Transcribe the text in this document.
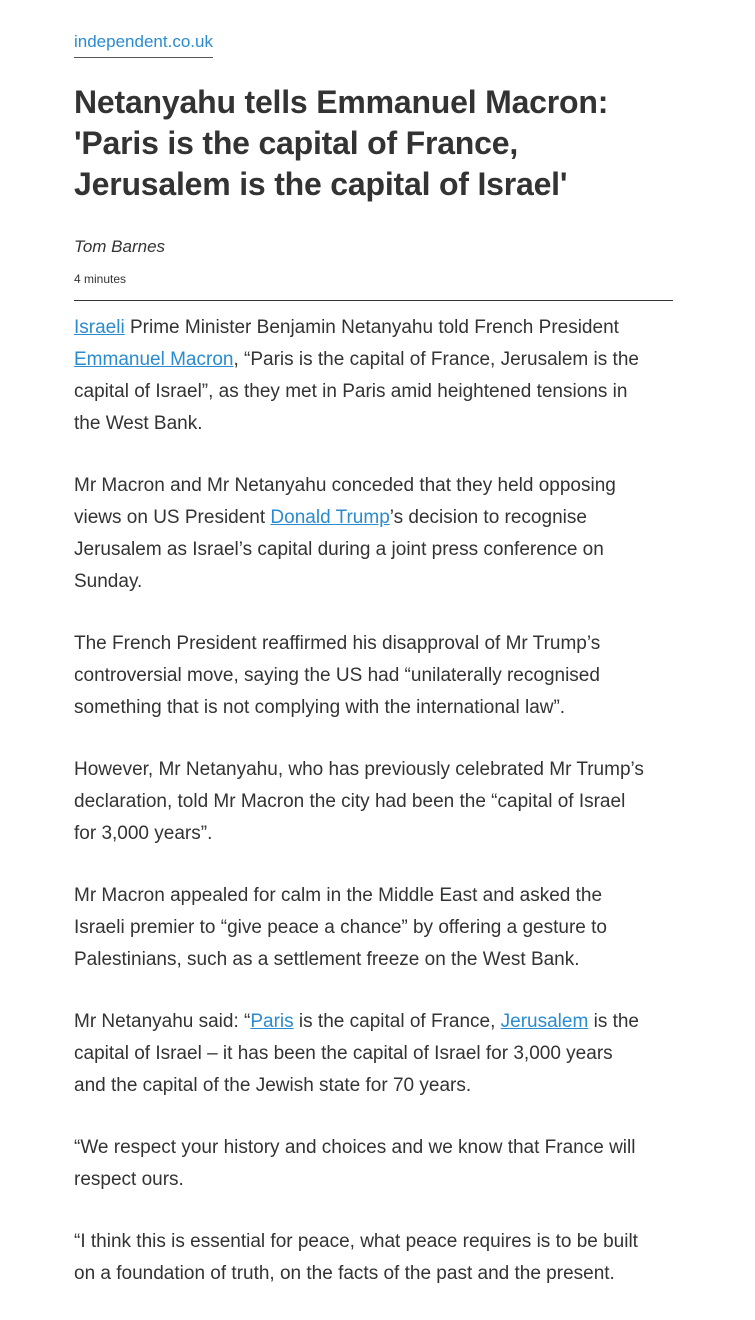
independent.co.uk
Netanyahu tells Emmanuel Macron:
'Paris is the capital of France,
Jerusalem is the capital of Israel'
Tom Barnes
4 minutes

Israeli Prime Minister Benjamin Netanyahu told French President
Emmanuel Macron, “Paris is the capital of France, Jerusalem is the
capital of Israel”, as they met in Paris amid heightened tensions in
the West Bank.

Mr Macron and Mr Netanyahu conceded that they held opposing
views on US President Donald Trump’s decision to recognise
Jerusalem as Israel’s capital during a joint press conference on
Sunday.

The French President reaffirmed his disapproval of Mr Trump’s
controversial move, saying the US had “unilaterally recognised
something that is not complying with the international law”.

However, Mr Netanyahu, who has previously celebrated Mr Trump’s
declaration, told Mr Macron the city had been the “capital of Israel
for 3,000 years”.

Mr Macron appealed for calm in the Middle East and asked the
Israeli premier to “give peace a chance” by offering a gesture to
Palestinians, such as a settlement freeze on the West Bank.

Mr Netanyahu said: “Paris is the capital of France, Jerusalem is the
capital of Israel – it has been the capital of Israel for 3,000 years
and the capital of the Jewish state for 70 years.

“We respect your history and choices and we know that France will
respect ours.

“I think this is essential for peace, what peace requires is to be built
on a foundation of truth, on the facts of the past and the present.
